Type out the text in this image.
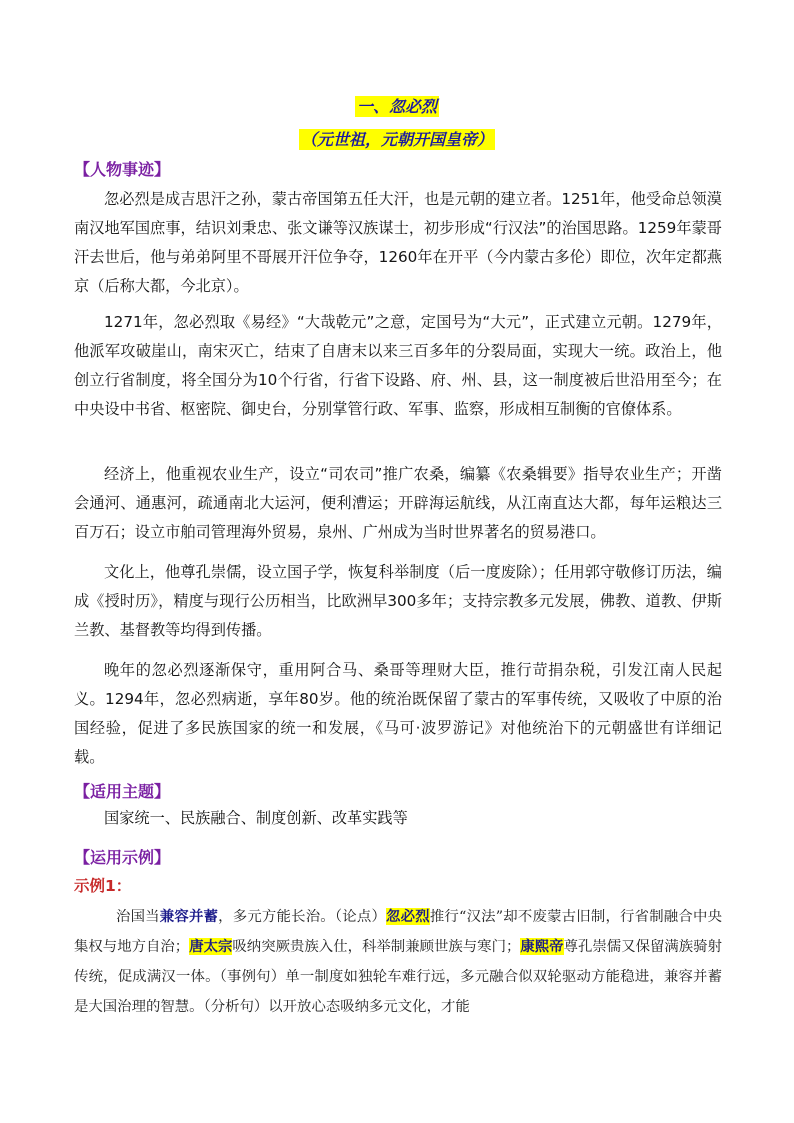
一、忽必烈
（元世祖，元朝开国皇帝）
【人物事迹】

忽必烈是成吉思汗之孙，蒙古帝国第五任大汗，也是元朝的建立者。1251年，他受命总领漠南汉地军国庶事，结识刘秉忠、张文谦等汉族谋士，初步形成“行汉法”的治国思路。1259年蒙哥汗去世后，他与弟弟阿里不哥展开汗位争夺，1260年在开平（今内蒙古多伦）即位，次年定都燕京（后称大都，今北京）。

1271年，忽必烈取《易经》“大哉乾元”之意，定国号为“大元”，正式建立元朝。1279年，他派军攻破崖山，南宋灭亡，结束了自唐末以来三百多年的分裂局面，实现大一统。政治上，他创立行省制度，将全国分为10个行省，行省下设路、府、州、县，这一制度被后世沿用至今；在中央设中书省、枢密院、御史台，分别掌管行政、军事、监察，形成相互制衡的官僚体系。

经济上，他重视农业生产，设立“司农司”推广农桑，编纂《农桑辑要》指导农业生产；开凿会通河、通惠河，疏通南北大运河，便利漕运；开辟海运航线，从江南直达大都，每年运粮达三百万石；设立市舶司管理海外贸易，泉州、广州成为当时世界著名的贸易港口。

文化上，他尊孔崇儒，设立国子学，恢复科举制度（后一度废除）；任用郭守敬修订历法，编成《授时历》，精度与现行公历相当，比欧洲早300多年；支持宗教多元发展，佛教、道教、伊斯兰教、基督教等均得到传播。

晚年的忽必烈逐渐保守，重用阿合马、桑哥等理财大臣，推行苛捐杂税，引发江南人民起义。1294年，忽必烈病逝，享年80岁。他的统治既保留了蒙古的军事传统，又吸收了中原的治国经验，促进了多民族国家的统一和发展，《马可·波罗游记》对他统治下的元朝盛世有详细记载。

【适用主题】
国家统一、民族融合、制度创新、改革实践等
【运用示例】
示例1：

治国当兼容并蓄，多元方能长治。（论点）忽必烈推行“汉法”却不废蒙古旧制，行省制融合中央集权与地方自治；唐太宗吸纳突厥贵族入仕，科举制兼顾世族与寒门；康熙帝尊孔崇儒又保留满族骑射传统，促成满汉一体。（事例句）单一制度如独轮车难行远，多元融合似双轮驱动方能稳进，兼容并蓄是大国治理的智慧。（分析句）以开放心态吸纳多元文化，才能
